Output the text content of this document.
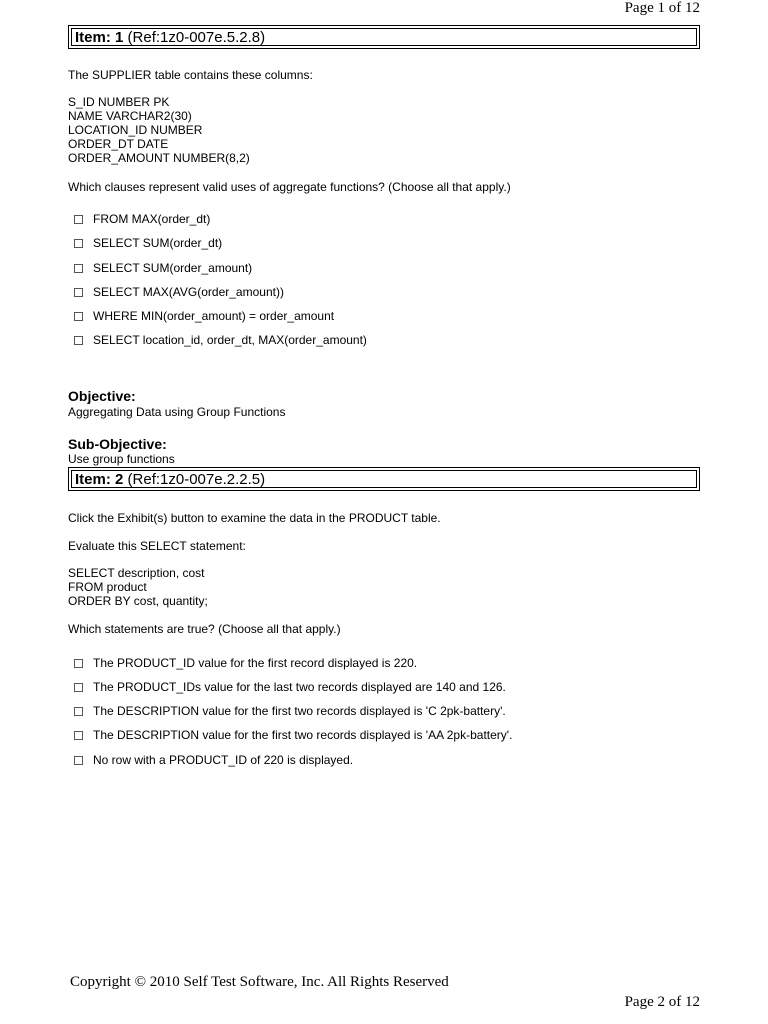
Page 1 of 12
Item: 1 (Ref:1z0-007e.5.2.8)
The SUPPLIER table contains these columns:
S_ID NUMBER PK
NAME VARCHAR2(30)
LOCATION_ID NUMBER
ORDER_DT DATE
ORDER_AMOUNT NUMBER(8,2)
Which clauses represent valid uses of aggregate functions? (Choose all that apply.)
FROM MAX(order_dt)
SELECT SUM(order_dt)
SELECT SUM(order_amount)
SELECT MAX(AVG(order_amount))
WHERE MIN(order_amount) = order_amount
SELECT location_id, order_dt, MAX(order_amount)
Objective:
Aggregating Data using Group Functions
Sub-Objective:
Use group functions
Item: 2 (Ref:1z0-007e.2.2.5)
Click the Exhibit(s) button to examine the data in the PRODUCT table.
Evaluate this SELECT statement:
SELECT description, cost
FROM product
ORDER BY cost, quantity;
Which statements are true? (Choose all that apply.)
The PRODUCT_ID value for the first record displayed is 220.
The PRODUCT_IDs value for the last two records displayed are 140 and 126.
The DESCRIPTION value for the first two records displayed is 'C 2pk-battery'.
The DESCRIPTION value for the first two records displayed is 'AA 2pk-battery'.
No row with a PRODUCT_ID of 220 is displayed.
Copyright © 2010 Self Test Software, Inc. All Rights Reserved
Page 2 of 12
